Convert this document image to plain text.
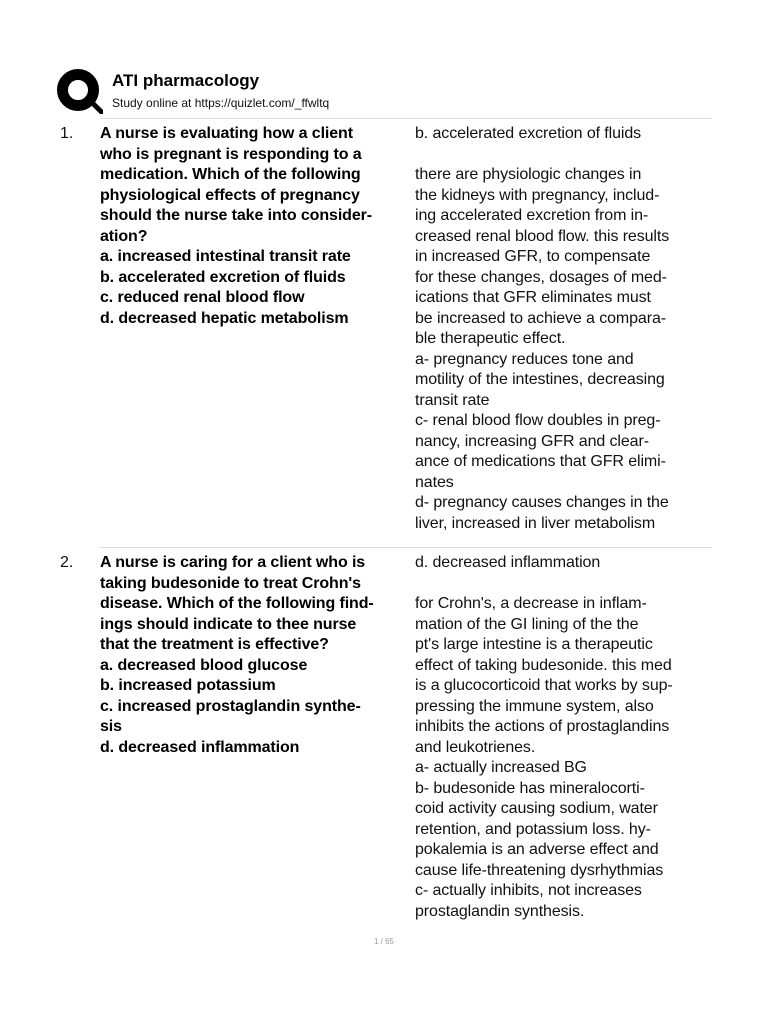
ATI pharmacology
Study online at https://quizlet.com/_ffwltq
1. A nurse is evaluating how a client
who is pregnant is responding to a
medication. Which of the following
physiological effects of pregnancy
should the nurse take into consider-
ation?
a. increased intestinal transit rate
b. accelerated excretion of fluids
c. reduced renal blood flow
d. decreased hepatic metabolism
b. accelerated excretion of fluids
there are physiologic changes in
the kidneys with pregnancy, includ-
ing accelerated excretion from in-
creased renal blood flow. this results
in increased GFR, to compensate
for these changes, dosages of med-
ications that GFR eliminates must
be increased to achieve a compara-
ble therapeutic effect.
a- pregnancy reduces tone and
motility of the intestines, decreasing
transit rate
c- renal blood flow doubles in preg-
nancy, increasing GFR and clear-
ance of medications that GFR elimi-
nates
d- pregnancy causes changes in the
liver, increased in liver metabolism
2. A nurse is caring for a client who is
taking budesonide to treat Crohn's
disease. Which of the following find-
ings should indicate to thee nurse
that the treatment is effective?
a. decreased blood glucose
b. increased potassium
c. increased prostaglandin synthe-
sis
d. decreased inflammation
d. decreased inflammation
for Crohn's, a decrease in inflam-
mation of the GI lining of the the
pt's large intestine is a therapeutic
effect of taking budesonide. this med
is a glucocorticoid that works by sup-
pressing the immune system, also
inhibits the actions of prostaglandins
and leukotrienes.
a- actually increased BG
b- budesonide has mineralocorti-
coid activity causing sodium, water
retention, and potassium loss. hy-
pokalemia is an adverse effect and
cause life-threatening dysrhythmias
c- actually inhibits, not increases
prostaglandin synthesis.
1 / 65
